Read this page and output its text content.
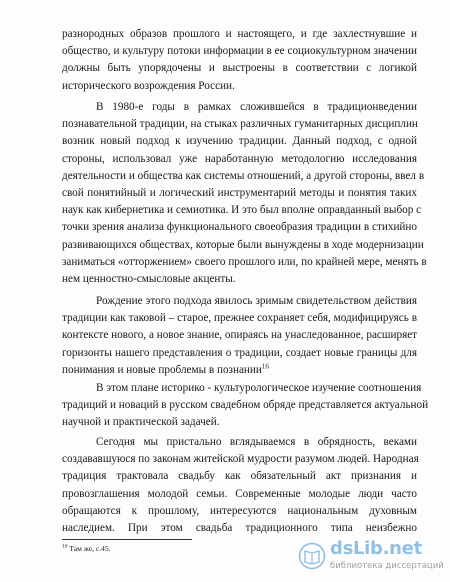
разнородных образов прошлого и настоящего, и где захлестнувшие и
общество, и культуру потоки информации в ее социокультурном значении
должны быть упорядочены и выстроены в соответствии с логикой
исторического возрождения России.
В 1980-е годы в рамках сложившейся в традиционведении
познавательной традиции, на стыках различных гуманитарных дисциплин
возник новый подход к изучению традиции. Данный подход, с одной
стороны, использовал уже наработанную методологию исследования
деятельности и общества как системы отношений, а другой стороны, ввел в
свой понятийный и логический инструментарий методы и понятия таких
наук как кибернетика и семиотика. И это был вполне оправданный выбор с
точки зрения анализа функционального своеобразия традиции в стихийно
развивающихся обществах, которые были вынуждены в ходе модернизации
заниматься «отторжением» своего прошлого или, по крайней мере, менять в
нем ценностно-смысловые акценты.
Рождение этого подхода явилось зримым свидетельством действия
традиции как таковой – старое, прежнее сохраняет себя, модифицируясь в
контексте нового, а новое знание, опираясь на унаследованное, расширяет
горизонты нашего представления о традиции, создает новые границы для
понимания и новые проблемы в познании$^{16}$
В этом плане историко - культурологическое изучение соотношения
традиций и новаций в русском свадебном обряде представляется актуальной
научной и практической задачей.
Сегодня мы пристально вглядываемся в обрядность, веками
создававшуюся по законам житейской мудрости разумом людей. Народная
традиция трактовала свадьбу как обязательный акт признания и
провозглашения молодой семьи. Современные молодые люди часто
обращаются к прошлому, интересуются национальным духовным
наследием. При этом свадьба традиционного типа неизбежно
$^{16}$ Там же, с.45.	dsLib.net
библиотека диссертаций
